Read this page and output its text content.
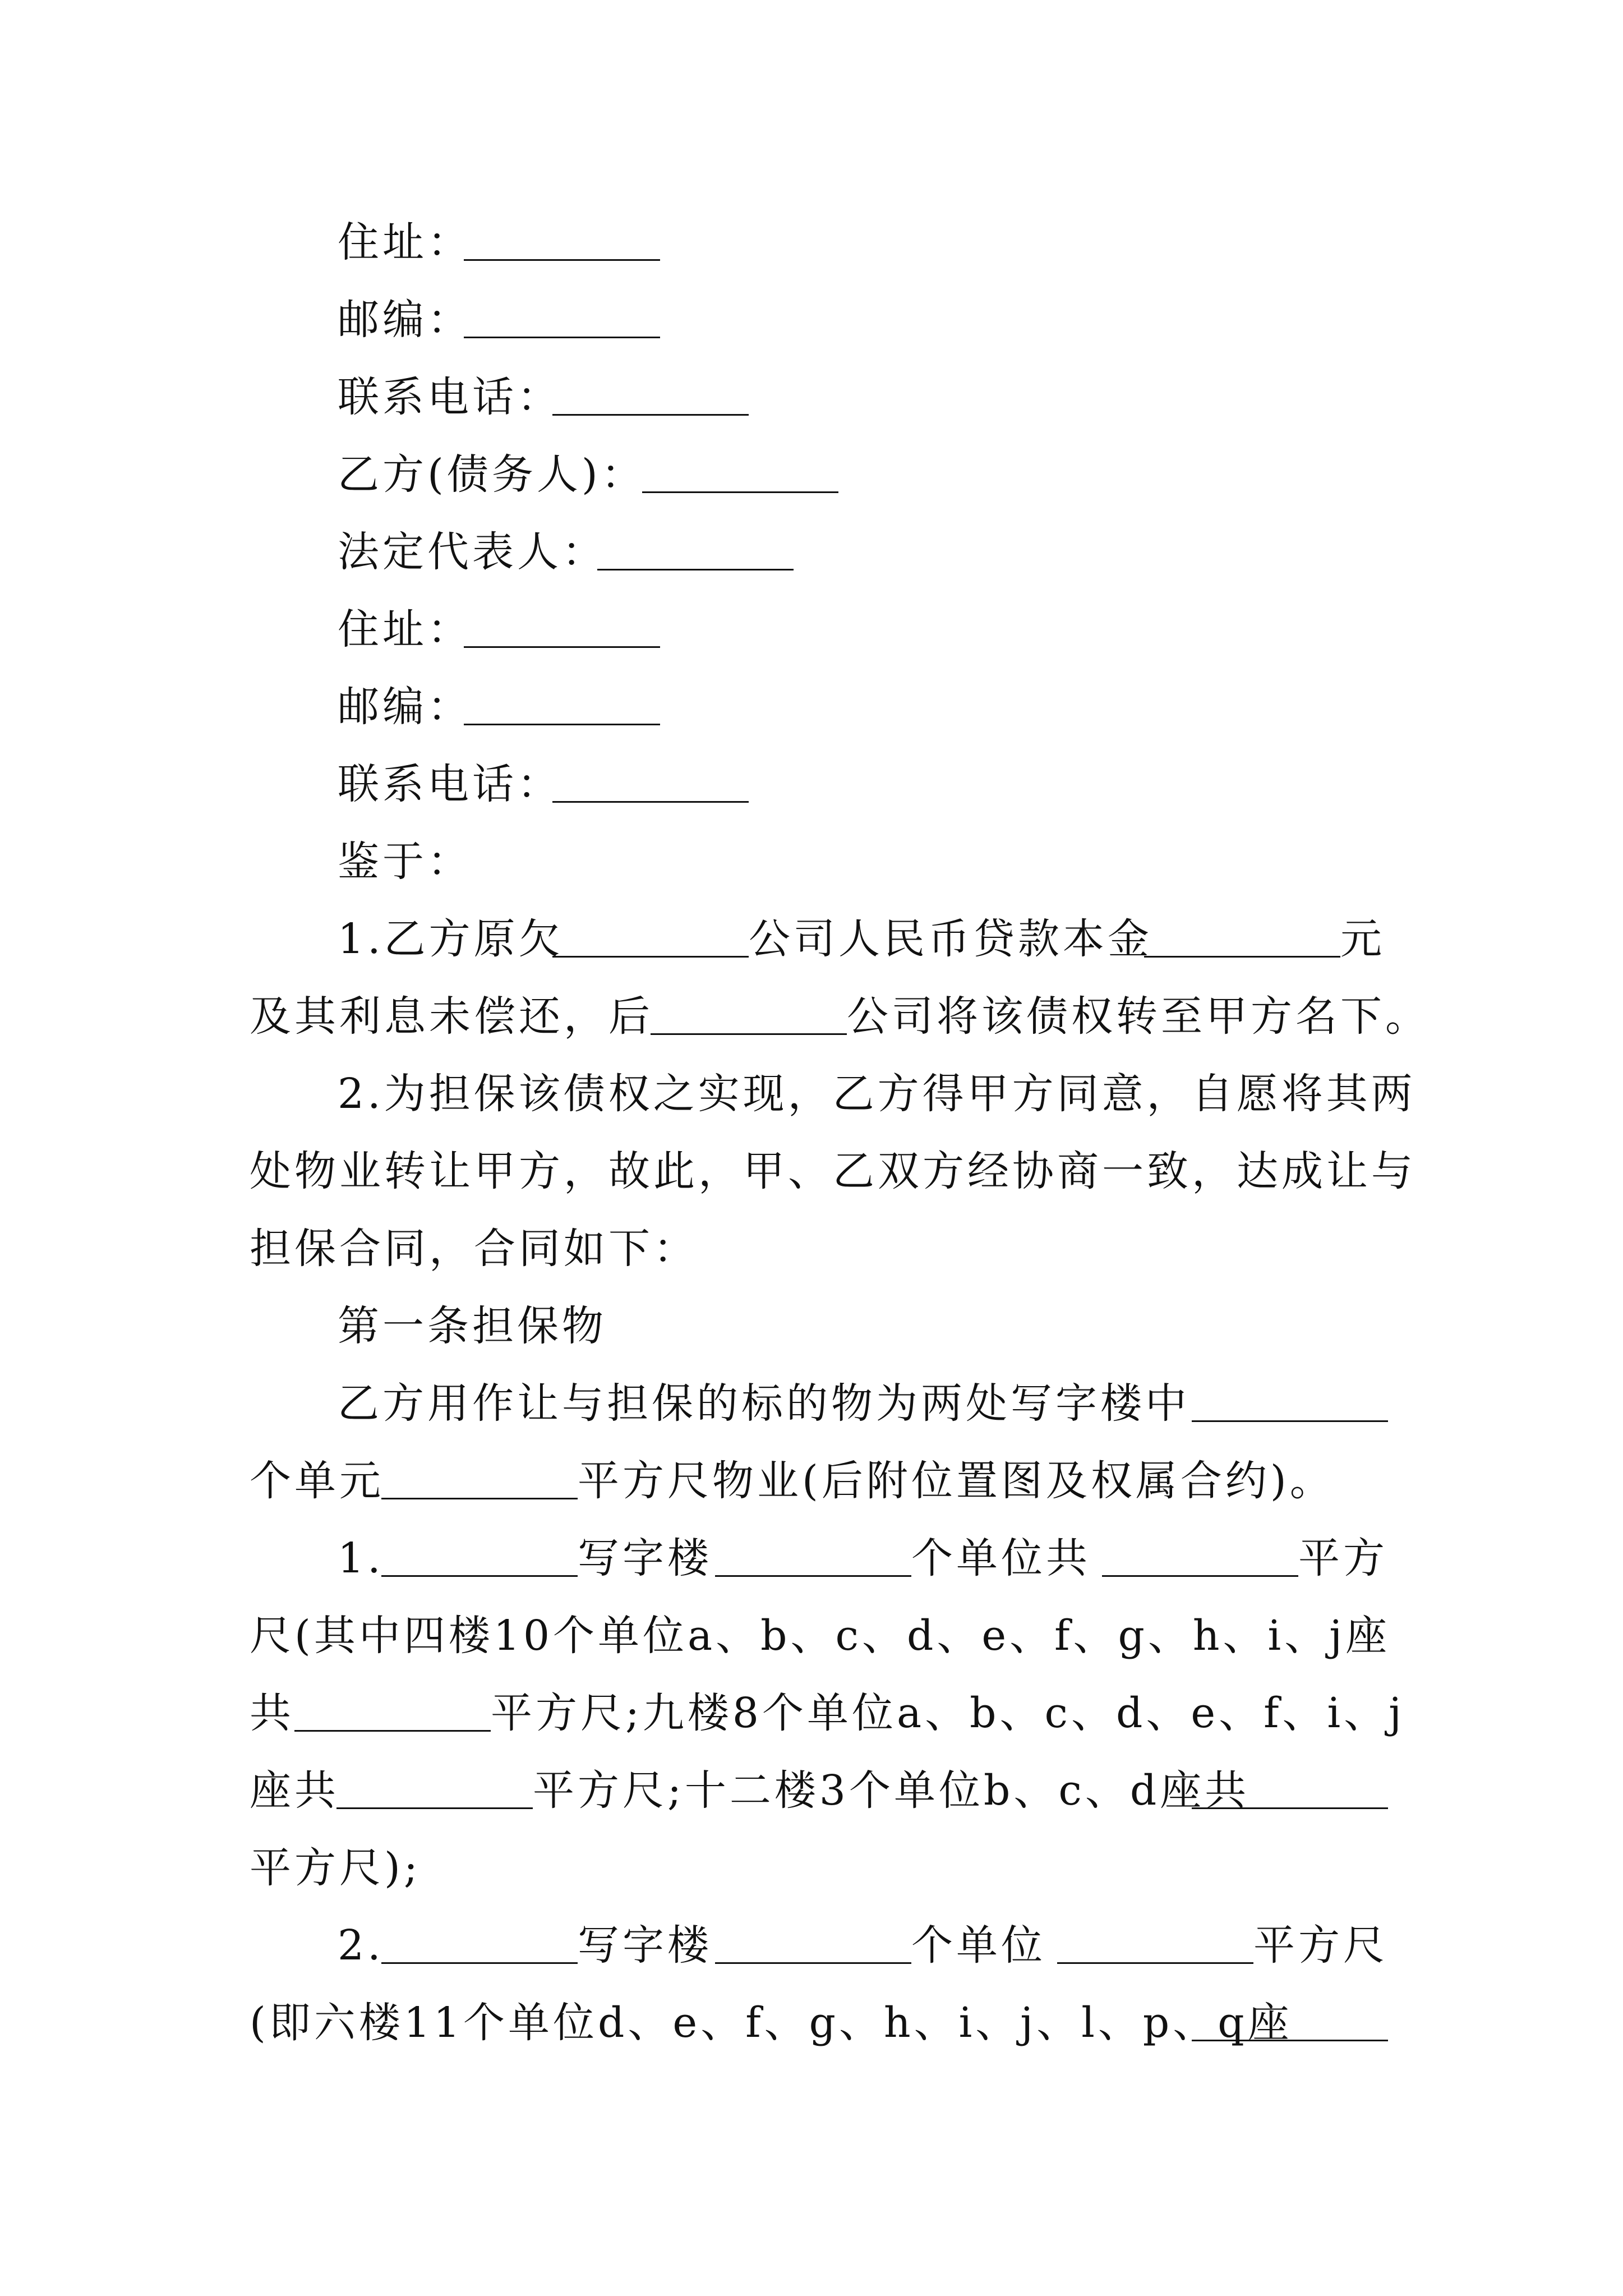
住址：
邮编：
联系电话：
乙方(债务人)：
法定代表人：
住址：
邮编：
联系电话：
鉴于：
1.乙方原欠	公司人民币贷款本金	元
及其利息未偿还，后	公司将该债权转至甲方名下。
2.为担保该债权之实现，乙方得甲方同意，自愿将其两
处物业转让甲方，故此，甲、乙双方经协商一致，达成让与
担保合同，合同如下：
第一条担保物
乙方用作让与担保的标的物为两处写字楼中
个单元	平方尺物业(后附位置图及权属合约)。
1.	写字楼	个单位共	平方
尺(其中四楼10个单位a、b、c、d、e、f、g、h、i、j座
共	平方尺;九楼8个单位a、b、c、d、e、f、i、j
座共	平方尺;十二楼3个单位b、c、d座共
平方尺);
2.	写字楼	个单位	平方尺
(即六楼11个单位d、e、f、g、h、i、j、l、p、q座
